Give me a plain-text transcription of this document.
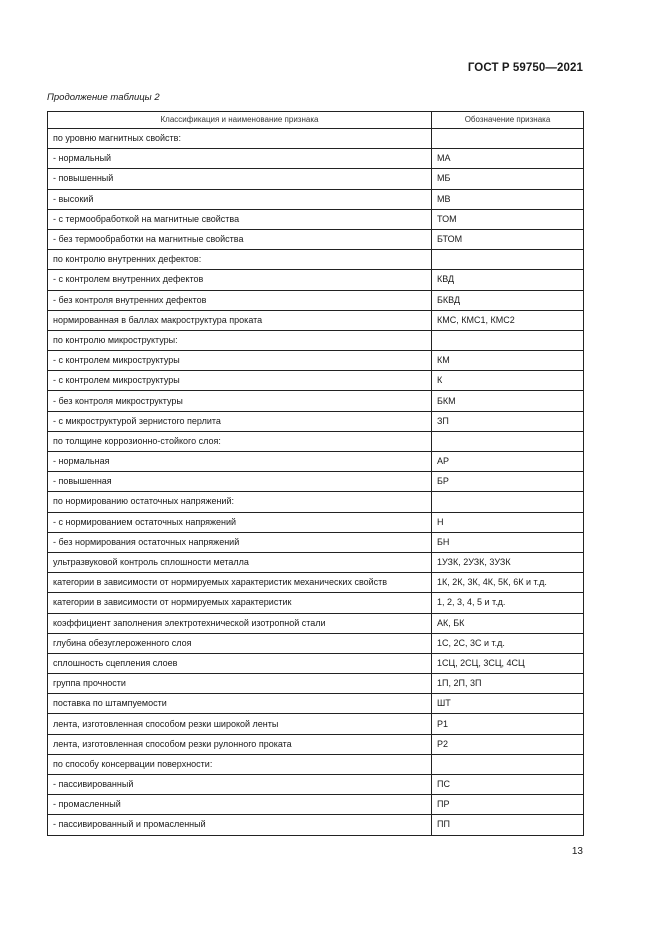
ГОСТ Р 59750—2021
Продолжение таблицы 2
Классификация и наименование признака	Обозначение признака
по уровню магнитных свойств:	
- нормальный	МА
- повышенный	МБ
- высокий	МВ
- с термообработкой на магнитные свойства	ТОМ
- без термообработки на магнитные свойства	БТОМ
по контролю внутренних дефектов:	
- с контролем внутренних дефектов	КВД
- без контроля внутренних дефектов	БКВД
нормированная в баллах макроструктура проката	КМС, КМС1, КМС2
по контролю микроструктуры:	
- с контролем микроструктуры	КМ
- с контролем микроструктуры	К
- без контроля микроструктуры	БКМ
- с микроструктурой зернистого перлита	ЗП
по толщине коррозионно-стойкого слоя:	
- нормальная	АР
- повышенная	БР
по нормированию остаточных напряжений:	
- с нормированием остаточных напряжений	Н
- без нормирования остаточных напряжений	БН
ультразвуковой контроль сплошности металла	1УЗК, 2УЗК, 3УЗК
категории в зависимости от нормируемых характеристик механических свойств	1К, 2К, 3К, 4К, 5К, 6К и т.д.
категории в зависимости от нормируемых характеристик	1, 2, 3, 4, 5 и т.д.
коэффициент заполнения электротехнической изотропной стали	АК, БК
глубина обезуглероженного слоя	1С, 2С, 3С и т.д.
сплошность сцепления слоев	1СЦ, 2СЦ, 3СЦ, 4СЦ
группа прочности	1П, 2П, 3П
поставка по штампуемости	ШТ
лента, изготовленная способом резки широкой ленты	Р1
лента, изготовленная способом резки рулонного проката	Р2
по способу консервации поверхности:	
- пассивированный	ПС
- промасленный	ПР
- пассивированный и промасленный	ПП
13
